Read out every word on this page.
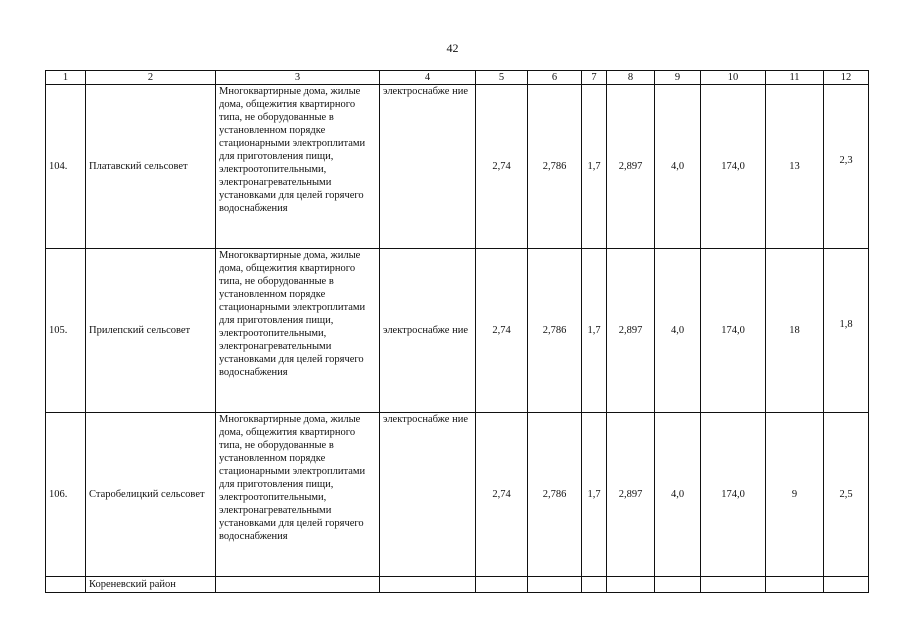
42
1	2	3	4	5	6	7	8	9	10	11	12
104.	Платавский сельсовет	Многоквартирные дома, жилые дома, общежития квартирного типа, не оборудованные в установленном порядке стационарными электроплитами для приготовления пищи, электроотопительными, электронагревательными установками для целей горячего водоснабжения	электроснабже ние	2,74	2,786	1,7	2,897	4,0	174,0	13	2,3
105.	Прилепский сельсовет	Многоквартирные дома, жилые дома, общежития квартирного типа, не оборудованные в установленном порядке стационарными электроплитами для приготовления пищи, электроотопительными, электронагревательными установками для целей горячего водоснабжения	электроснабже ние	2,74	2,786	1,7	2,897	4,0	174,0	18	1,8
106.	Старобелицкий сельсовет	Многоквартирные дома, жилые дома, общежития квартирного типа, не оборудованные в установленном порядке стационарными электроплитами для приготовления пищи, электроотопительными, электронагревательными установками для целей горячего водоснабжения	электроснабже ние	2,74	2,786	1,7	2,897	4,0	174,0	9	2,5
	Кореневский район										
